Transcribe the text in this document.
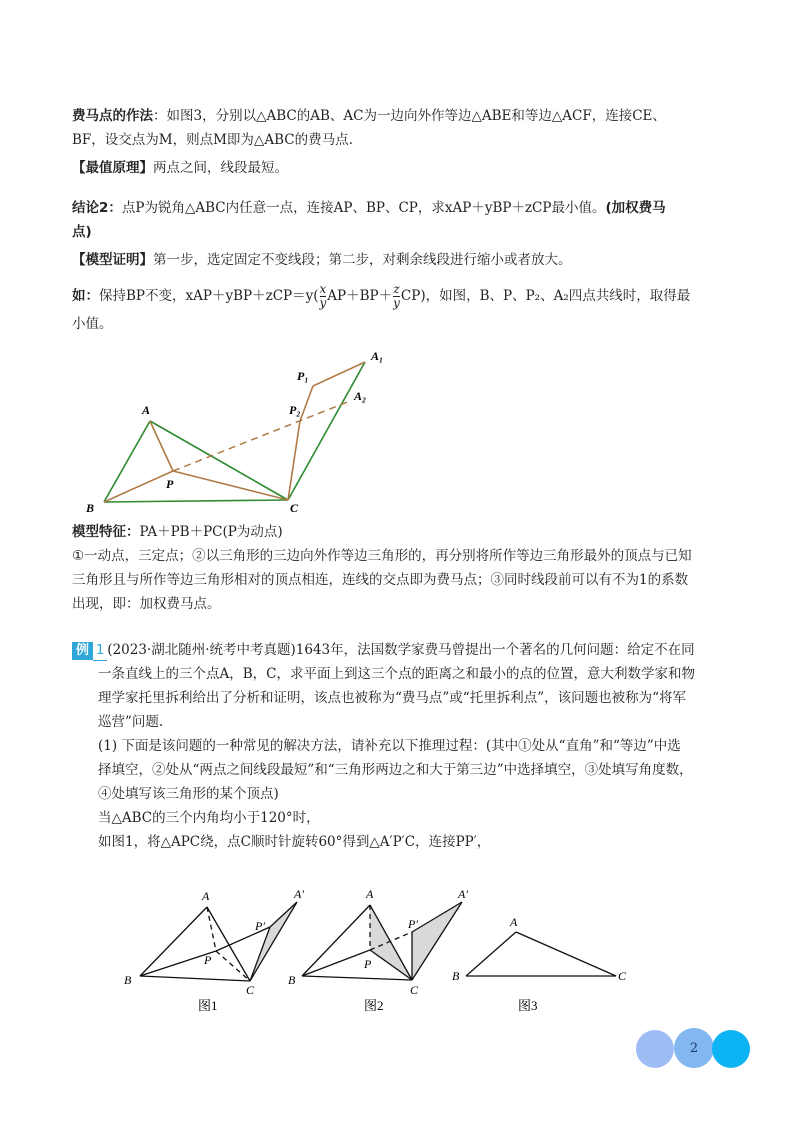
费马点的作法：如图3，分别以△ABC的AB、AC为一边向外作等边△ABE和等边△ACF，连接CE、
BF，设交点为M，则点M即为△ABC的费马点.
【最值原理】两点之间，线段最短。
结论2：点P为锐角△ABC内任意一点，连接AP、BP、CP，求xAP＋yBP＋zCP最小值。(加权费马
点)
【模型证明】第一步，选定固定不变线段；第二步，对剩余线段进行缩小或者放大。
如：保持BP不变，$xAP+yBP+zCP=y( \frac{x}{y} AP+BP+ \frac{z}{y} CP)$，如图，B、P、P₂、A₂四点共线时，取得最
小值。
A
B	C
P
P₁
P₂
A₁
A₂
模型特征：PA＋PB＋PC(P为动点)
①一动点，三定点；②以三角形的三边向外作等边三角形的，再分别将所作等边三角形最外的顶点与已知
三角形且与所作等边三角形相对的顶点相连，连线的交点即为费马点；③同时线段前可以有不为1的系数
出现，即：加权费马点。
例 1 (2023·湖北随州·统考中考真题)1643年，法国数学家费马曾提出一个著名的几何问题：给定不在同

一条直线上的三个点A，B，C，求平面上到这三个点的距离之和最小的点的位置，意大利数学家和物
理学家托里拆利给出了分析和证明，该点也被称为“费马点”或“托里拆利点”，该问题也被称为“将军
巡营”问题.
(1) 下面是该问题的一种常见的解决方法，请补充以下推理过程：(其中①处从“直角”和“等边”中选
择填空，②处从“两点之间线段最短”和“三角形两边之和大于第三边”中选择填空，③处填写角度数，
④处填写该三角形的某个顶点)
当△ABC的三个内角均小于120°时，
如图1，将△APC绕，点C顺时针旋转60°得到△A′P′C，连接PP′，
A
B
C
P
P′
A′
图1
A
B
C
P
P′
A′
图2
A
B	C
图3
2
